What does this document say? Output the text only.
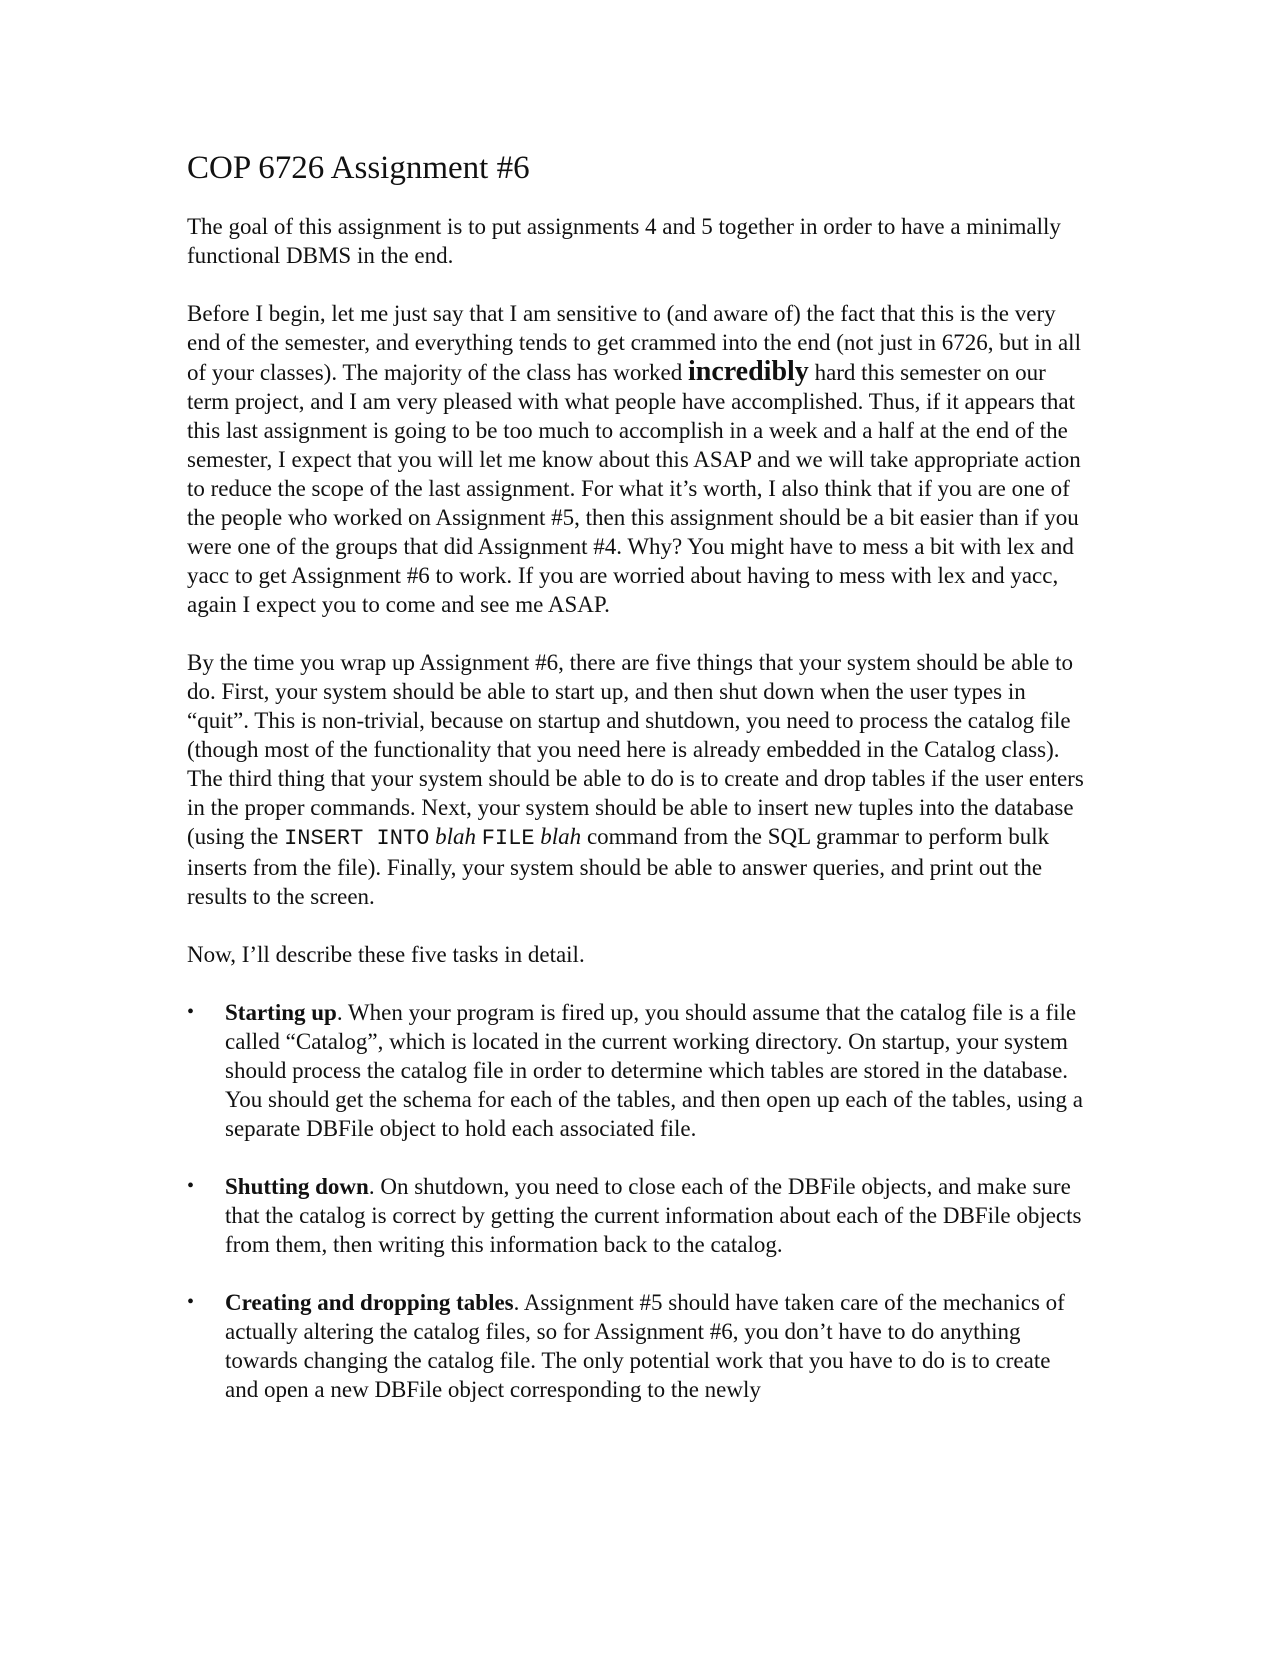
COP 6726 Assignment #6

The goal of this assignment is to put assignments 4 and 5 together in order to have a minimally functional DBMS in the end.

Before I begin, let me just say that I am sensitive to (and aware of) the fact that this is the very end of the semester, and everything tends to get crammed into the end (not just in 6726, but in all of your classes). The majority of the class has worked incredibly hard this semester on our term project, and I am very pleased with what people have accomplished. Thus, if it appears that this last assignment is going to be too much to accomplish in a week and a half at the end of the semester, I expect that you will let me know about this ASAP and we will take appropriate action to reduce the scope of the last assignment. For what it’s worth, I also think that if you are one of the people who worked on Assignment #5, then this assignment should be a bit easier than if you were one of the groups that did Assignment #4. Why? You might have to mess a bit with lex and yacc to get Assignment #6 to work. If you are worried about having to mess with lex and yacc, again I expect you to come and see me ASAP.

By the time you wrap up Assignment #6, there are five things that your system should be able to do. First, your system should be able to start up, and then shut down when the user types in “quit”. This is non-trivial, because on startup and shutdown, you need to process the catalog file (though most of the functionality that you need here is already embedded in the Catalog class). The third thing that your system should be able to do is to create and drop tables if the user enters in the proper commands. Next, your system should be able to insert new tuples into the database (using the INSERT INTO blah FILE blah command from the SQL grammar to perform bulk inserts from the file). Finally, your system should be able to answer queries, and print out the results to the screen.

Now, I’ll describe these five tasks in detail.

•	Starting up. When your program is fired up, you should assume that the catalog file is a file called “Catalog”, which is located in the current working directory. On startup, your system should process the catalog file in order to determine which tables are stored in the database. You should get the schema for each of the tables, and then open up each of the tables, using a separate DBFile object to hold each associated file.
•	Shutting down. On shutdown, you need to close each of the DBFile objects, and make sure that the catalog is correct by getting the current information about each of the DBFile objects from them, then writing this information back to the catalog.
•	Creating and dropping tables. Assignment #5 should have taken care of the mechanics of actually altering the catalog files, so for Assignment #6, you don’t have to do anything towards changing the catalog file. The only potential work that you have to do is to create and open a new DBFile object corresponding to the newly
